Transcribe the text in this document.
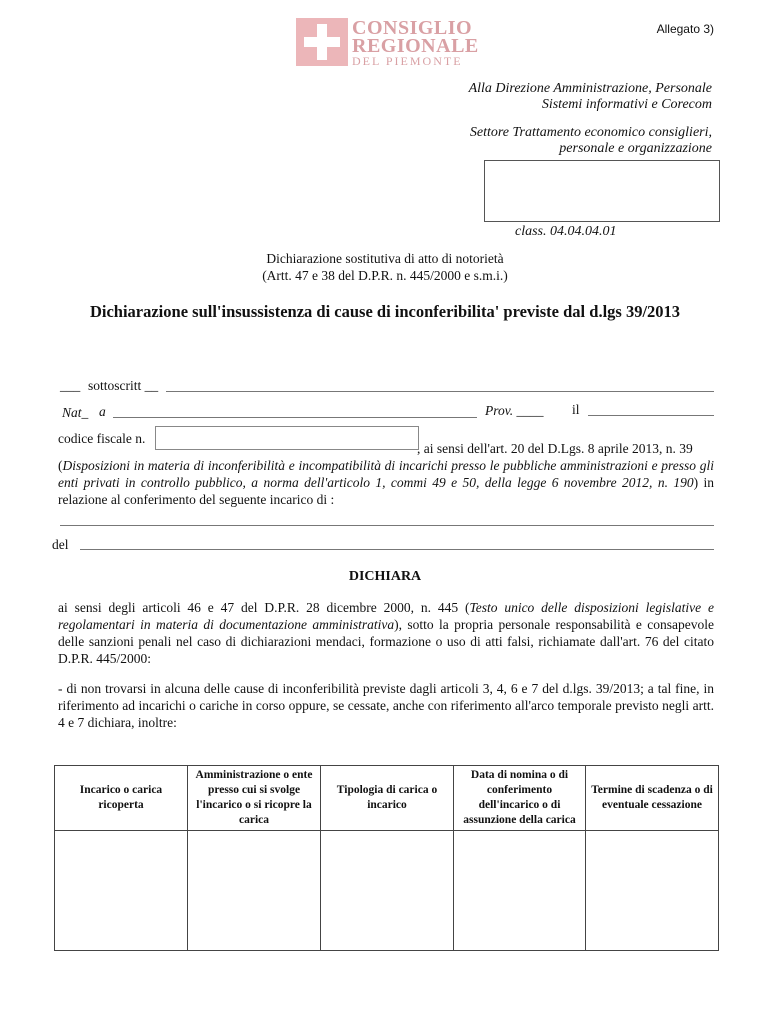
CONSIGLIO
REGIONALE
DEL PIEMONTE
Allegato 3)
Alla Direzione Amministrazione, Personale
Sistemi informativi e Corecom
Settore Trattamento economico consiglieri,
personale e organizzazione
class. 04.04.04.01
Dichiarazione sostitutiva di atto di notorietà
(Artt. 47 e 38 del D.P.R. n. 445/2000 e s.m.i.)
Dichiarazione sull'insussistenza di cause di inconferibilita' previste dal d.lgs 39/2013
___ sottoscritt __
Nat_ a	Prov. ____ il
codice fiscale n.
, ai sensi dell'art. 20 del D.Lgs. 8 aprile 2013, n. 39
(Disposizioni in materia di inconferibilità e incompatibilità di incarichi presso le pubbliche amministrazioni e presso gli enti privati in controllo pubblico, a norma dell'articolo 1, commi 49 e 50, della legge 6 novembre 2012, n. 190) in relazione al conferimento del seguente incarico di :
del
DICHIARA
ai sensi degli articoli 46 e 47 del D.P.R. 28 dicembre 2000, n. 445 (Testo unico delle disposizioni legislative e regolamentari in materia di documentazione amministrativa), sotto la propria personale responsabilità e consapevole delle sanzioni penali nel caso di dichiarazioni mendaci, formazione o uso di atti falsi, richiamate dall'art. 76 del citato D.P.R. 445/2000:
- di non trovarsi in alcuna delle cause di inconferibilità previste dagli articoli 3, 4, 6 e 7 del d.lgs. 39/2013; a tal fine, in riferimento ad incarichi o cariche in corso oppure, se cessate, anche con riferimento all'arco temporale previsto negli artt. 4 e 7 dichiara, inoltre:
Incarico o carica ricoperta	Amministrazione o ente presso cui si svolge l'incarico o si ricopre la carica	Tipologia di carica o incarico	Data di nomina o di conferimento dell'incarico o di assunzione della carica	Termine di scadenza o di eventuale cessazione
